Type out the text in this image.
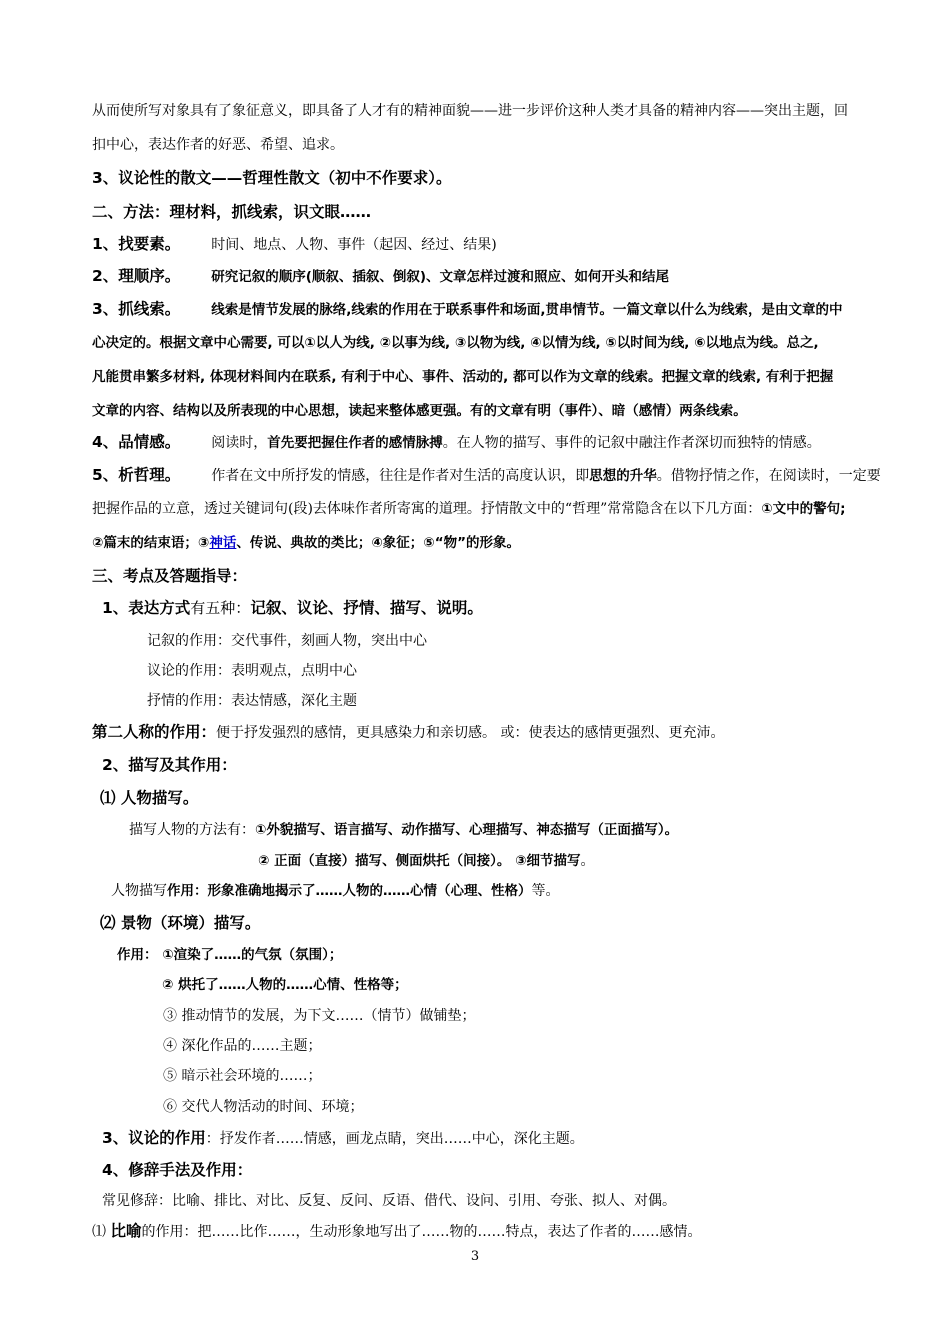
从而使所写对象具有了象征意义，即具备了人才有的精神面貌——进一步评价这种人类才具备的精神内容——突出主题，回
扣中心，表达作者的好恶、希望、追求。
3、议论性的散文——哲理性散文（初中不作要求）。
二、方法：理材料，抓线索，识文眼……
1、找要素。 时间、地点、人物、事件（起因、经过、结果)
2、理顺序。 研究记叙的顺序(顺叙、插叙、倒叙)、文章怎样过渡和照应、如何开头和结尾
3、抓线索。 线索是情节发展的脉络,线索的作用在于联系事件和场面,贯串情节。一篇文章以什么为线索，是由文章的中
心决定的。根据文章中心需要, 可以①以人为线, ②以事为线, ③以物为线, ④以情为线, ⑤以时间为线, ⑥以地点为线。总之,
凡能贯串繁多材料, 体现材料间内在联系, 有利于中心、事件、活动的, 都可以作为文章的线索。把握文章的线索, 有利于把握
文章的内容、结构以及所表现的中心思想，读起来整体感更强。有的文章有明（事件）、暗（感情）两条线索。
4、品情感。 阅读时，首先要把握住作者的感情脉搏。在人物的描写、事件的记叙中融注作者深切而独特的情感。
5、析哲理。 作者在文中所抒发的情感，往往是作者对生活的高度认识，即思想的升华。借物抒情之作，在阅读时，一定要
把握作品的立意，透过关键词句(段)去体味作者所寄寓的道理。抒情散文中的“哲理”常常隐含在以下几方面：①文中的警句;
②篇末的结束语；③神话、传说、典故的类比；④象征；⑤“物”的形象。
三、考点及答题指导：
1、表达方式有五种：记叙、议论、抒情、描写、说明。
记叙的作用：交代事件，刻画人物，突出中心
议论的作用：表明观点，点明中心
抒情的作用：表达情感，深化主题
第二人称的作用：便于抒发强烈的感情，更具感染力和亲切感。 或：使表达的感情更强烈、更充沛。
2、描写及其作用：
⑴ 人物描写。
描写人物的方法有：①外貌描写、语言描写、动作描写、心理描写、神态描写（正面描写）。
② 正面（直接）描写、侧面烘托（间接）。 ③细节描写。
人物描写作用：形象准确地揭示了……人物的……心情（心理、性格）等。
⑵ 景物（环境）描写。
作用： ①渲染了……的气氛（氛围）；
② 烘托了……人物的……心情、性格等；
③ 推动情节的发展，为下文……（情节）做铺垫；
④ 深化作品的……主题；
⑤ 暗示社会环境的……；
⑥ 交代人物活动的时间、环境；
3、议论的作用：抒发作者……情感，画龙点睛，突出……中心，深化主题。
4、修辞手法及作用：
常见修辞：比喻、排比、对比、反复、反问、反语、借代、设问、引用、夸张、拟人、对偶。
⑴ 比喻的作用：把……比作……，生动形象地写出了……物的……特点，表达了作者的……感情。
3
